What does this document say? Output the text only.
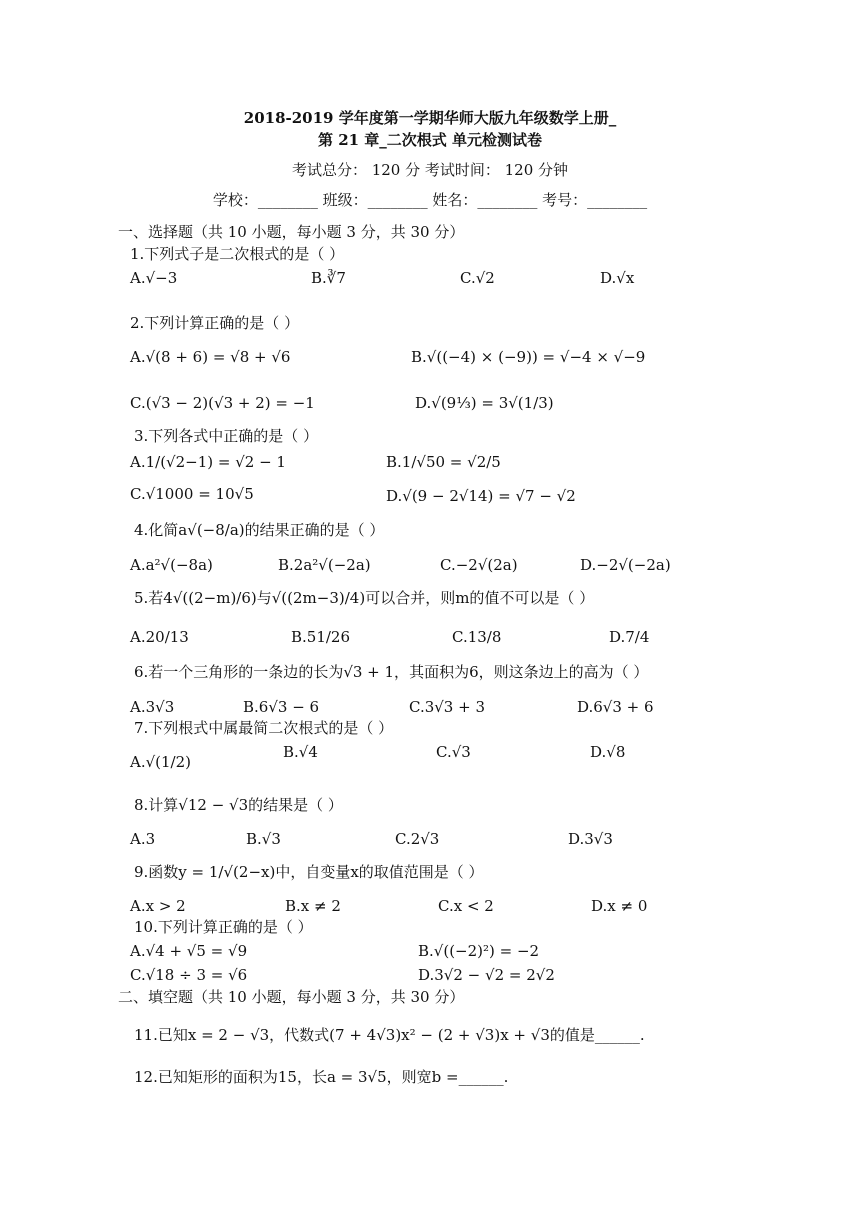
2018-2019 学年度第一学期华师大版九年级数学上册_
第 21 章_二次根式 单元检测试卷
考试总分： 120 分 考试时间： 120 分钟
学校：________ 班级：________ 姓名：________ 考号：________
一、选择题（共 10 小题，每小题 3 分，共 30 分）
1.下列式子是二次根式的是（ ）
A.√−3	B.∛7	C.√2	D.√x
2.下列计算正确的是（ ）
A.√(8 + 6) = √8 + √6	B.√((−4) × (−9)) = √−4 × √−9
C.(√3 − 2)(√3 + 2) = −1	D.√(9⅓) = 3√(1/3)
3.下列各式中正确的是（ ）
A.1/(√2−1) = √2 − 1	B.1/√50 = √2/5
C.√1000 = 10√5	D.√(9 − 2√14) = √7 − √2
4.化简a√(−8/a)的结果正确的是（ ）
A.a²√(−8a)	B.2a²√(−2a)	C.−2√(2a)	D.−2√(−2a)
5.若4√((2−m)/6)与√((2m−3)/4)可以合并，则m的值不可以是（ ）
A.20/13	B.51/26	C.13/8	D.7/4
6.若一个三角形的一条边的长为√3 + 1，其面积为6，则这条边上的高为（ ）
A.3√3	B.6√3 − 6	C.3√3 + 3	D.6√3 + 6
7.下列根式中属最简二次根式的是（ ）
A.√(1/2)
B.√4	C.√3	D.√8
8.计算√12 − √3的结果是（ ）
A.3	B.√3	C.2√3	D.3√3
9.函数y = 1/√(2−x)中，自变量x的取值范围是（ ）
A.x > 2	B.x ≠ 2	C.x < 2	D.x ≠ 0
10.下列计算正确的是（ ）
A.√4 + √5 = √9	B.√((−2)²) = −2
C.√18 ÷ 3 = √6	D.3√2 − √2 = 2√2
二、填空题（共 10 小题，每小题 3 分，共 30 分）
11.已知x = 2 − √3，代数式(7 + 4√3)x² − (2 + √3)x + √3的值是______.
12.已知矩形的面积为15，长a = 3√5，则宽b =______.
